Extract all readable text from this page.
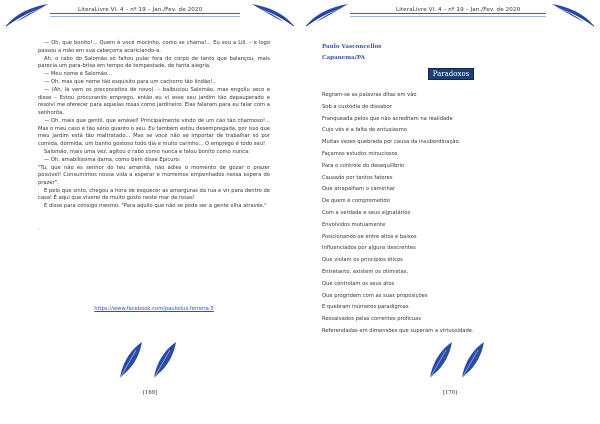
LiteraLivre Vl. 4 – nº 19 – Jan./Fev. de 2020

— Oh, que bonito!... Quem é você mocinho, como se chama!... Eu sou a Lili. – e logo passou a mão em sua cabeçorra acariciando-a.

Ah, o rabo do Salomão só faltou pular fora do corpo de tanto que balançou, mais parecia um para-brisa em tempo de tempestade, de tanta alegria.

— Meu nome é Salomão...

— Oh, mas que nome tão esquisito para um cachorro tão lindão!..

— (Ah, lá vem os preconceitos de novo). – balbuciou Salomão, mas engoliu seco e disse – Estou procurando emprego, então eu vi esse seu jardim tão depauperado e resolvi me oferecer para aquelas rosas como jardineiro. Elas falaram para eu falar com a senhorita.

— Oh, mais que gentil, que amável! Principalmente vindo de um cão tão charmoso!... Mas o meu caso é tão sério quanto o seu. Eu também estou desempregada, por isso que meu jardim está tão maltratado... Mas se você não se importar de trabalhar só por comida, dormida, um banho gostoso todo dia e muito carinho... O emprego é todo seu!

Salomão, mais uma vez, agitou o rabo como nunca e falou bonito como nunca:

— Oh, amabilíssima dama, como bem disse Epicuro:

"Tu, que não és senhor do teu amanhã, não adies o momento de gozar o prazer possível! Consumimos nossa vida a esperar e morremos empenhados nessa espera do prazer".

E pelo que sinto, chegou a hora de esquecer as amarguras da rua e vir para dentro de casa! É aqui que viverei de muito gosto neste mar de rosas!

E disse para consigo mesmo: "Para aquilo que não se pode ser a gente olha através."

.

https://www.facebook.com/paulolius.ferreira.5
[169]
LiteraLivre Vl. 4 – nº 19 – Jan./Fev. de 2020
Paulo Vasconcellos
Capanema/PA
Paradoxos
Regram-se as palavras ditas em vão
Sob a custódia do dissabor
Franqueada pelos que não acreditam na realidade
Cujo vês é a falta de entusiasmo
Muitas vezes quebrada por causa da insubordinação.
Façamos estudos minuciosos
Para o controle do desequilíbrio
Causado por tantos fatores
Que atrapalham o caminhar
De quem é comprometido
Com a verdade e seus signatários
Envolvidos mutuamente
Posicionando-se entre altos e baixos
Influenciados por alguns descrentes
Que violam os princípios éticos
Entretanto, existem os otimistas,
Que controlam os seus atos
Que progridem com as suas proposições
E quebram inúmeros paradigmas
Ressalvados pelas correntes profícuas
Referendadas em dimensões que superam a virtuosidade.
[170]
